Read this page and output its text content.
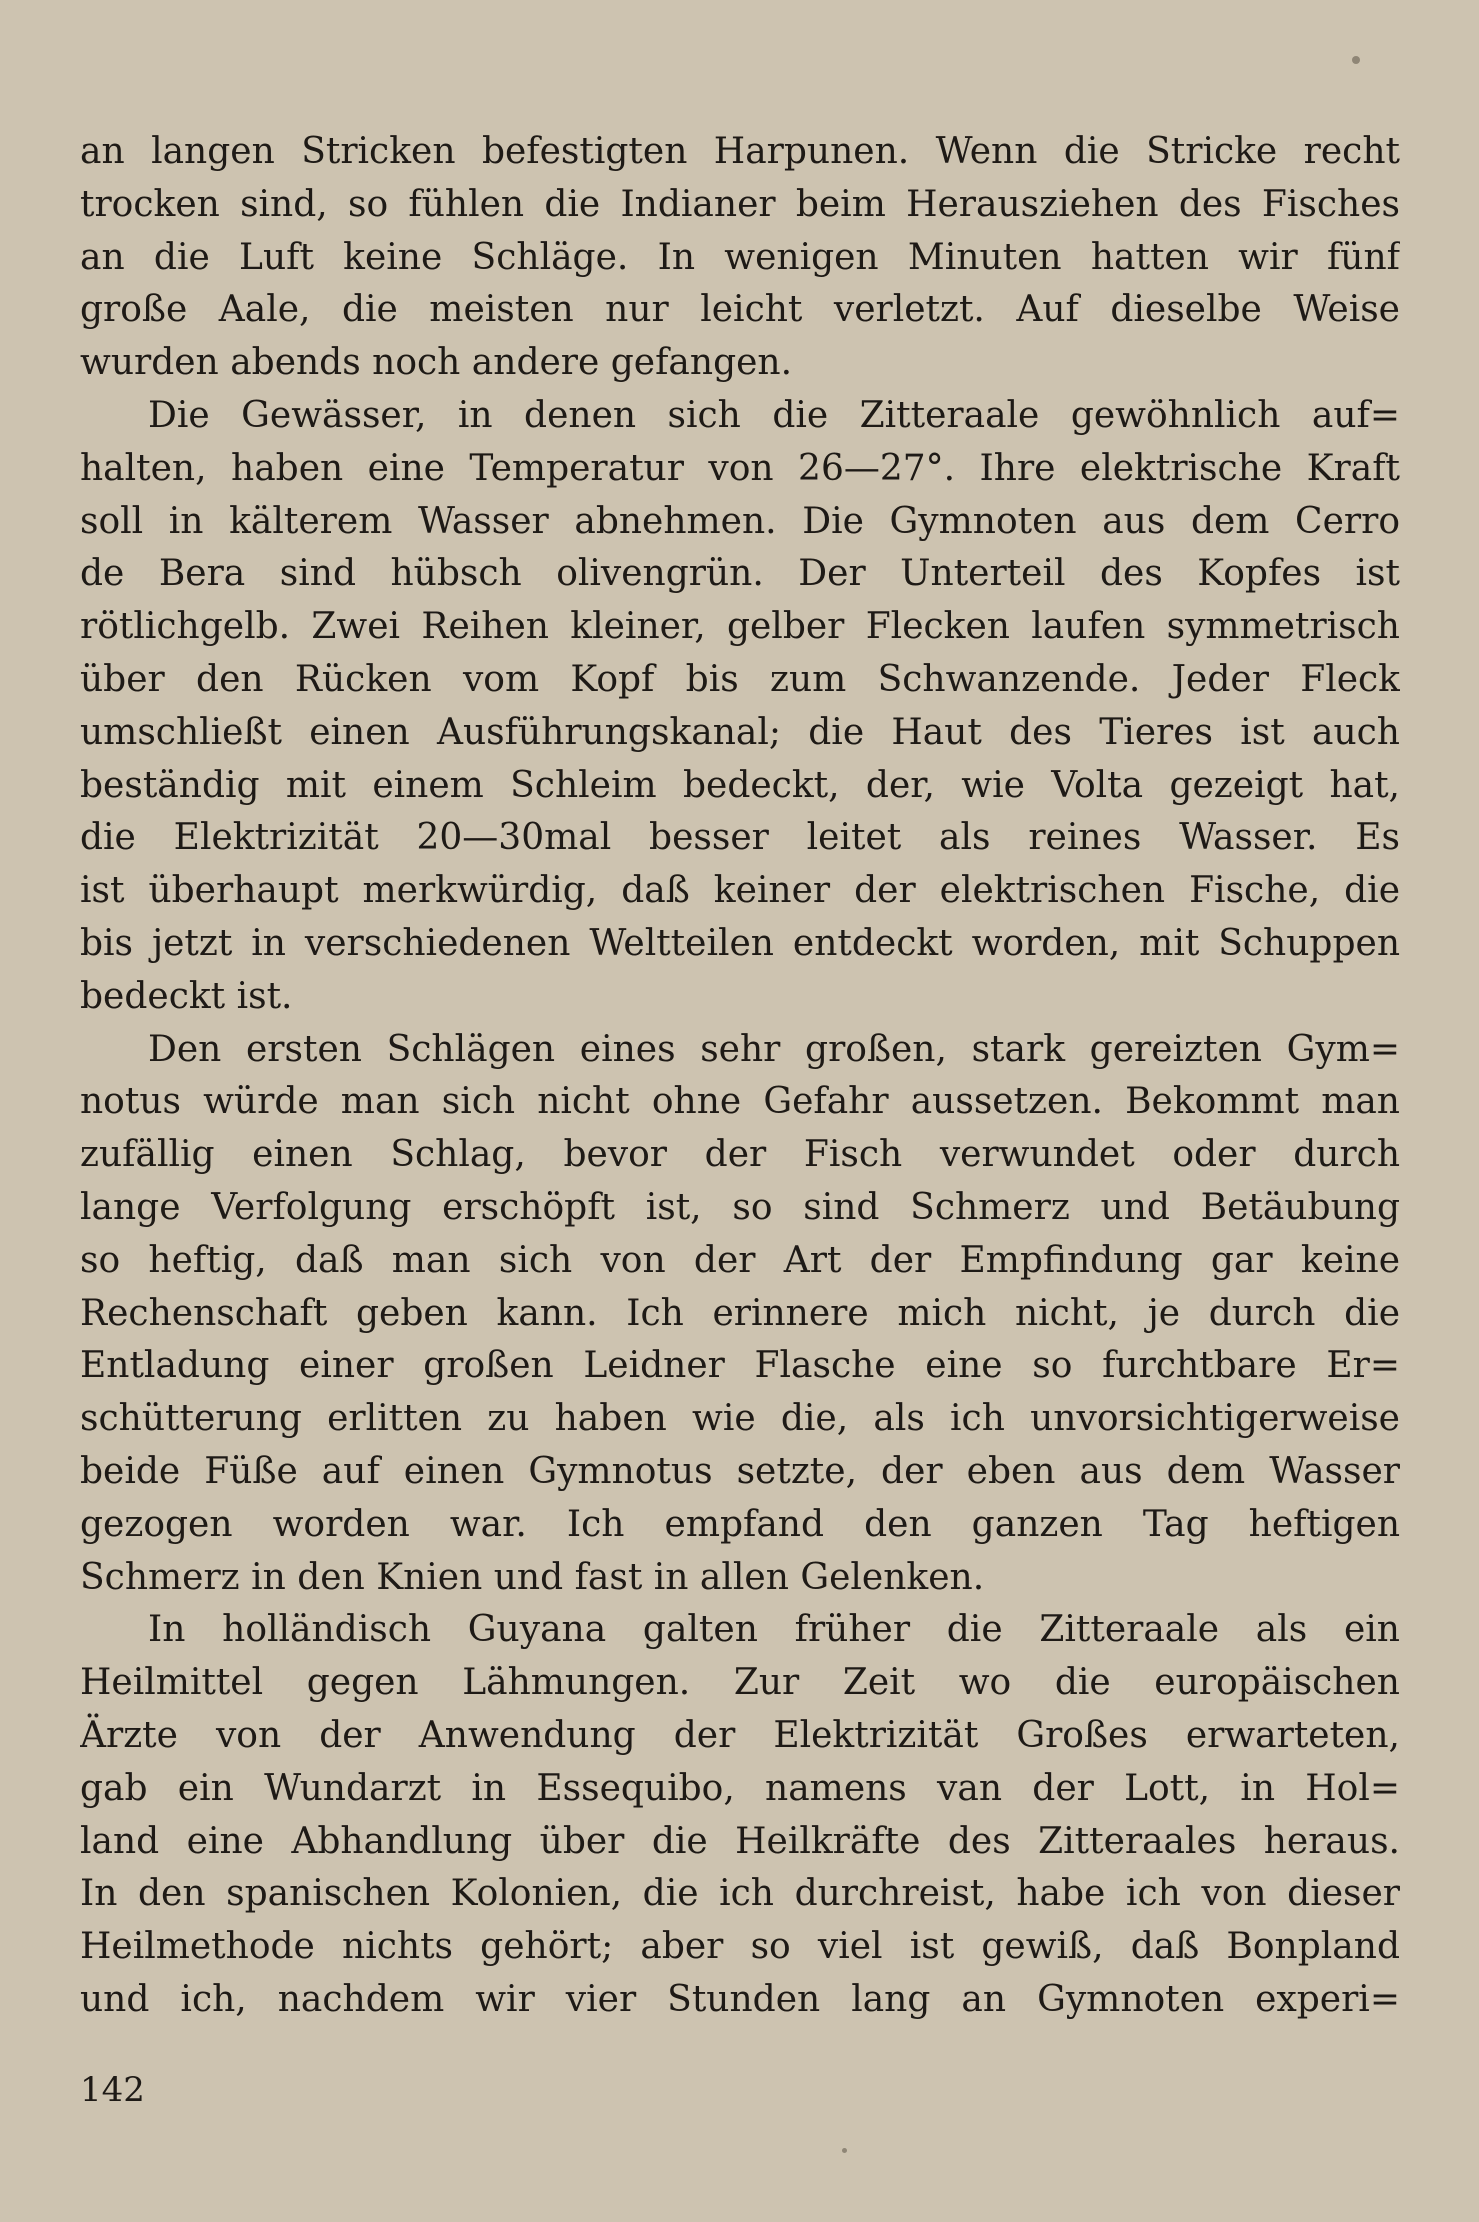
an langen Stricken befestigten Harpunen. Wenn die Stricke recht
trocken sind, so fühlen die Indianer beim Herausziehen des Fisches
an die Luft keine Schläge. In wenigen Minuten hatten wir fünf
große Aale, die meisten nur leicht verletzt. Auf dieselbe Weise
wurden abends noch andere gefangen.
Die Gewässer, in denen sich die Zitteraale gewöhnlich auf=
halten, haben eine Temperatur von 26—27°. Ihre elektrische Kraft
soll in kälterem Wasser abnehmen. Die Gymnoten aus dem Cerro
de Bera sind hübsch olivengrün. Der Unterteil des Kopfes ist
rötlichgelb. Zwei Reihen kleiner, gelber Flecken laufen symmetrisch
über den Rücken vom Kopf bis zum Schwanzende. Jeder Fleck
umschließt einen Ausführungskanal; die Haut des Tieres ist auch
beständig mit einem Schleim bedeckt, der, wie Volta gezeigt hat,
die Elektrizität 20—30mal besser leitet als reines Wasser. Es
ist überhaupt merkwürdig, daß keiner der elektrischen Fische, die
bis jetzt in verschiedenen Weltteilen entdeckt worden, mit Schuppen
bedeckt ist.
Den ersten Schlägen eines sehr großen, stark gereizten Gym=
notus würde man sich nicht ohne Gefahr aussetzen. Bekommt man
zufällig einen Schlag, bevor der Fisch verwundet oder durch
lange Verfolgung erschöpft ist, so sind Schmerz und Betäubung
so heftig, daß man sich von der Art der Empfindung gar keine
Rechenschaft geben kann. Ich erinnere mich nicht, je durch die
Entladung einer großen Leidner Flasche eine so furchtbare Er=
schütterung erlitten zu haben wie die, als ich unvorsichtigerweise
beide Füße auf einen Gymnotus setzte, der eben aus dem Wasser
gezogen worden war. Ich empfand den ganzen Tag heftigen
Schmerz in den Knien und fast in allen Gelenken.
In holländisch Guyana galten früher die Zitteraale als ein
Heilmittel gegen Lähmungen. Zur Zeit wo die europäischen
Ärzte von der Anwendung der Elektrizität Großes erwarteten,
gab ein Wundarzt in Essequibo, namens van der Lott, in Hol=
land eine Abhandlung über die Heilkräfte des Zitteraales heraus.
In den spanischen Kolonien, die ich durchreist, habe ich von dieser
Heilmethode nichts gehört; aber so viel ist gewiß, daß Bonpland
und ich, nachdem wir vier Stunden lang an Gymnoten experi=
142
